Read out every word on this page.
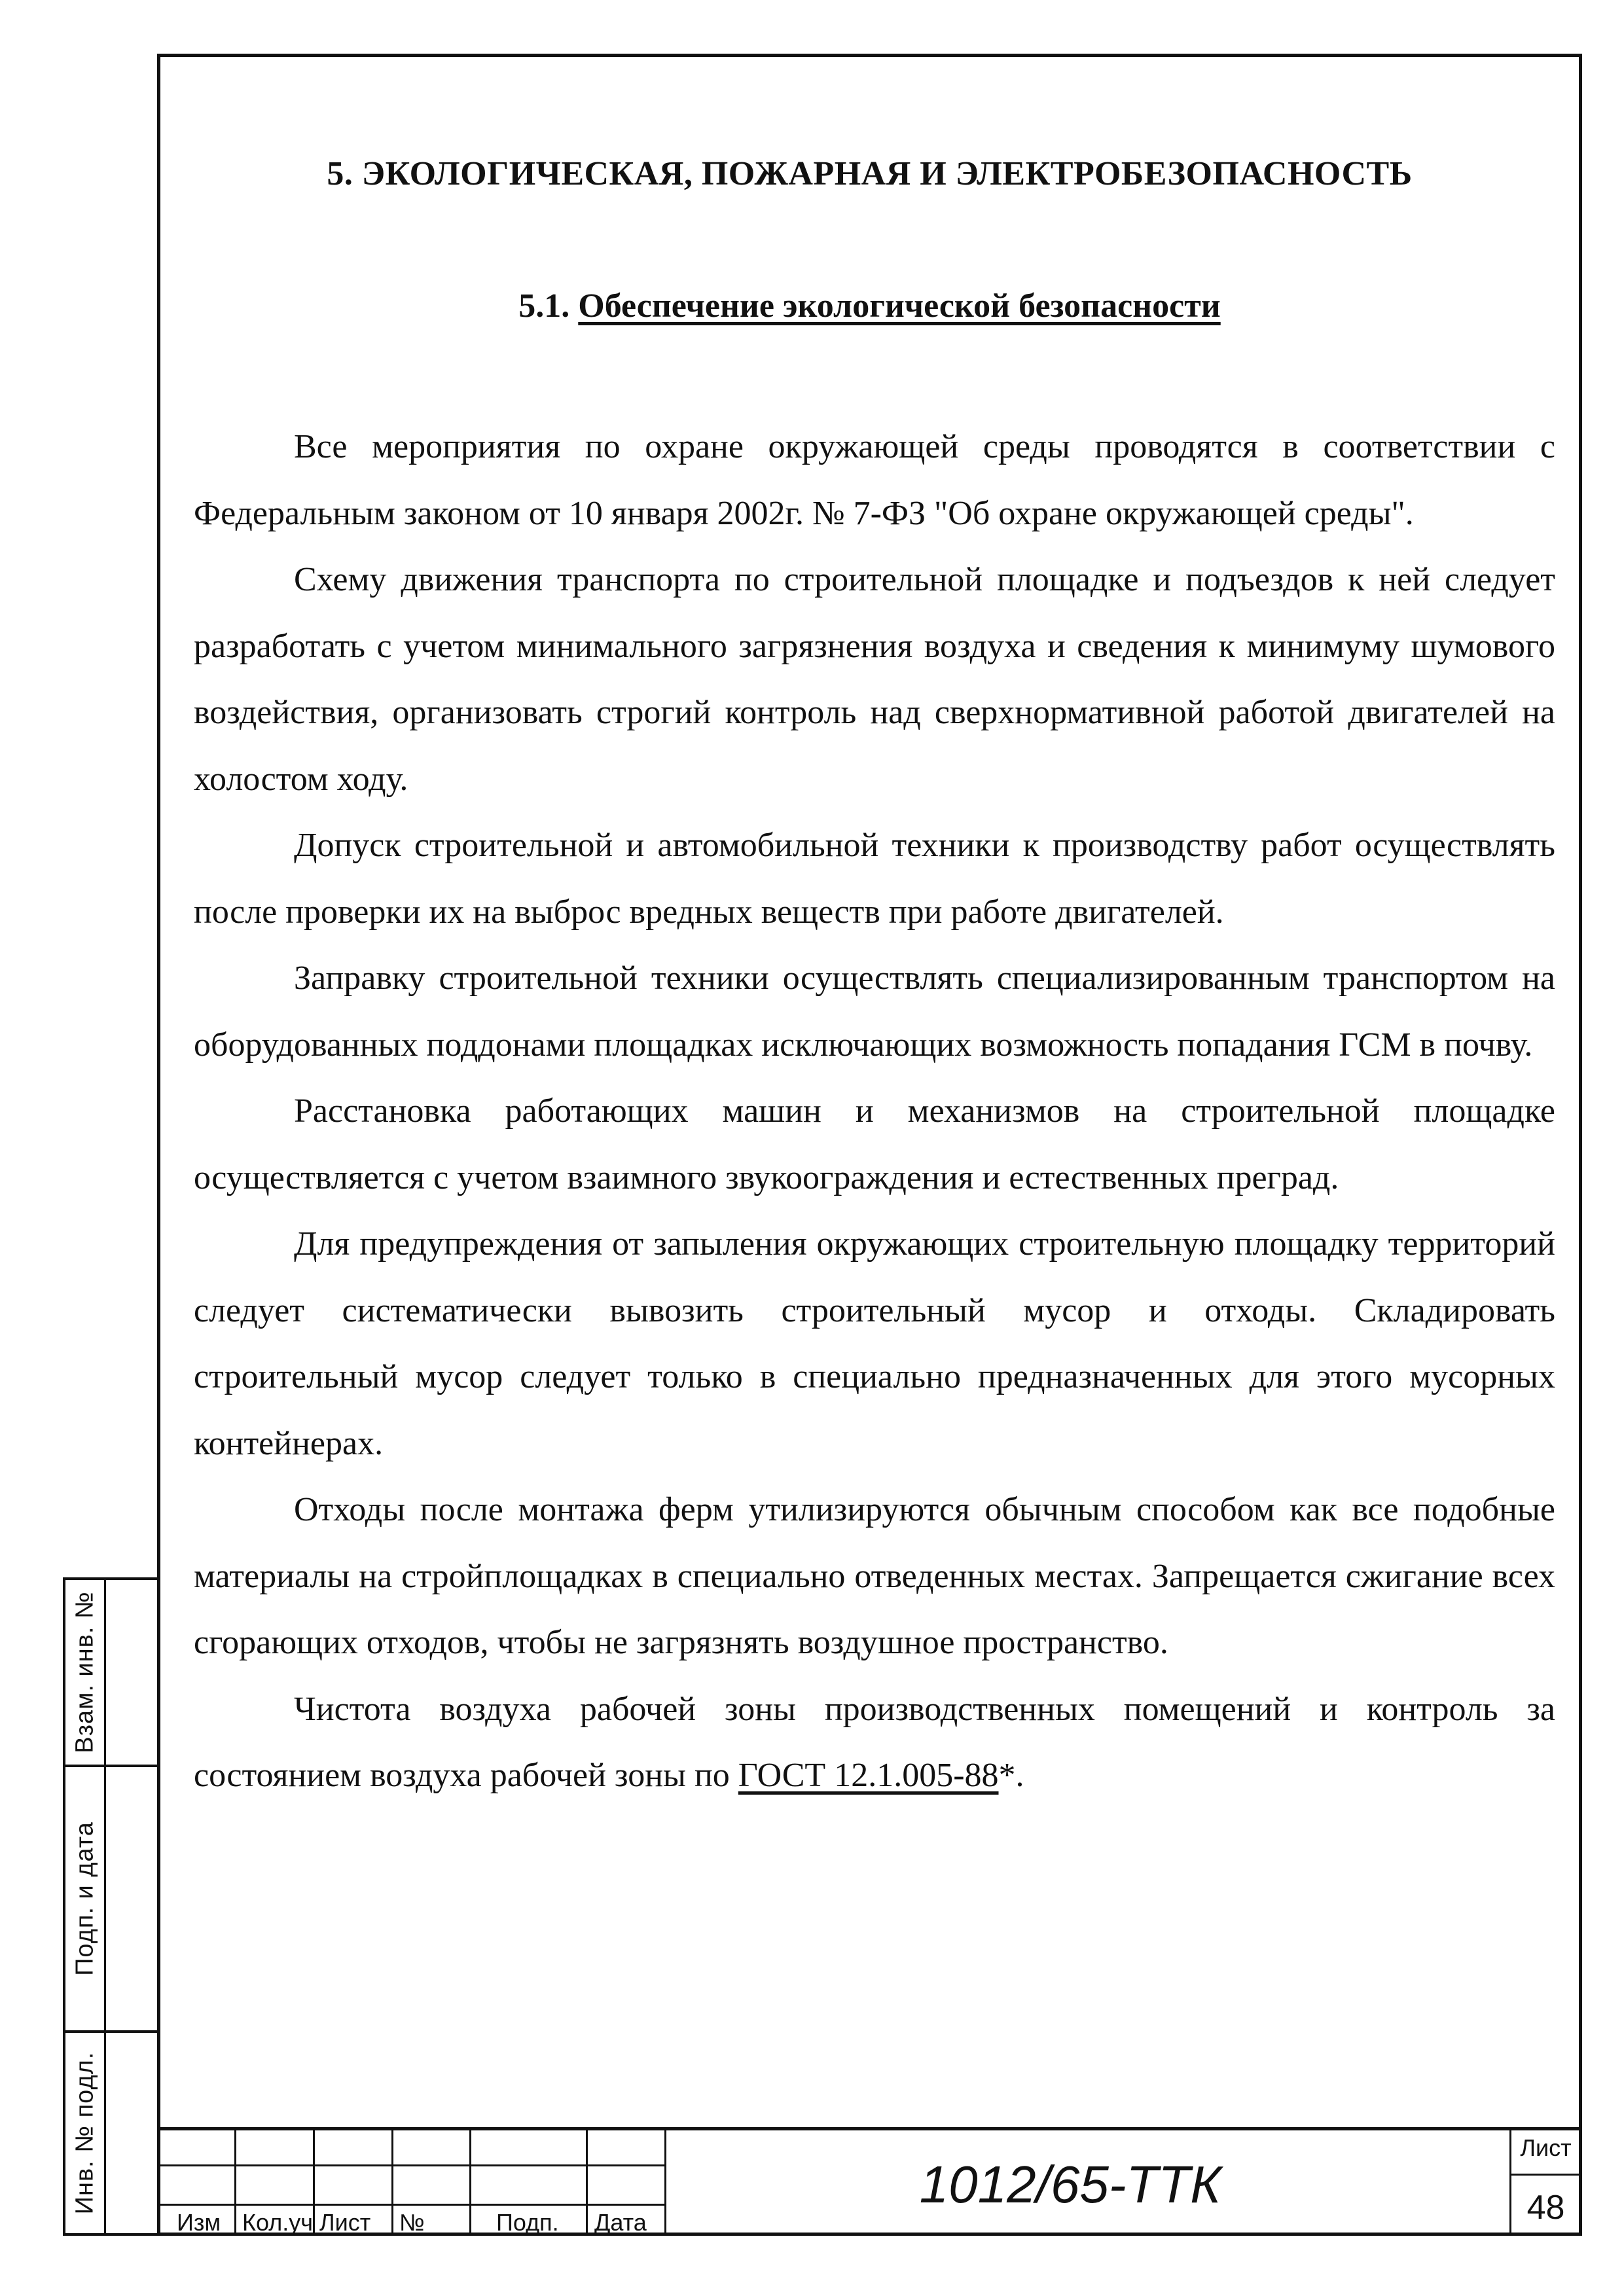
Взам. инв. №
Подп. и дата
Инв. № подл.
5. ЭКОЛОГИЧЕСКАЯ, ПОЖАРНАЯ И ЭЛЕКТРОБЕЗОПАСНОСТЬ
5.1. Обеспечение экологической безопасности

Все мероприятия по охране окружающей среды проводятся в соответствии с Федеральным законом от 10 января 2002г. № 7-ФЗ "Об охране окружающей среды".

Схему движения транспорта по строительной площадке и подъездов к ней следует разработать с учетом минимального загрязнения воздуха и сведения к минимуму шумового воздействия, организовать строгий контроль над сверхнормативной работой двигателей на холостом ходу.

Допуск строительной и автомобильной техники к производству работ осуществлять после проверки их на выброс вредных веществ при работе двигателей.

Заправку строительной техники осуществлять специализированным транспортом на оборудованных поддонами площадках исключающих возможность попадания ГСМ в почву.

Расстановка работающих машин и механизмов на строительной площадке осуществляется с учетом взаимного звукоограждения и естественных преград.

Для предупреждения от запыления окружающих строительную площадку территорий следует систематически вывозить строительный мусор и отходы. Складировать строительный мусор следует только в специально предназначенных для этого мусорных контейнерах.

Отходы после монтажа ферм утилизируются обычным способом как все подобные материалы на стройплощадках в специально отведенных местах. Запрещается сжигание всех сгорающих отходов, чтобы не загрязнять воздушное пространство.

Чистота воздуха рабочей зоны производственных помещений и контроль за состоянием воздуха рабочей зоны по ГОСТ 12.1.005-88*.

Изм Кол.уч Лист №	Подп. Дата
1012/65-ТТК
Лист
48
